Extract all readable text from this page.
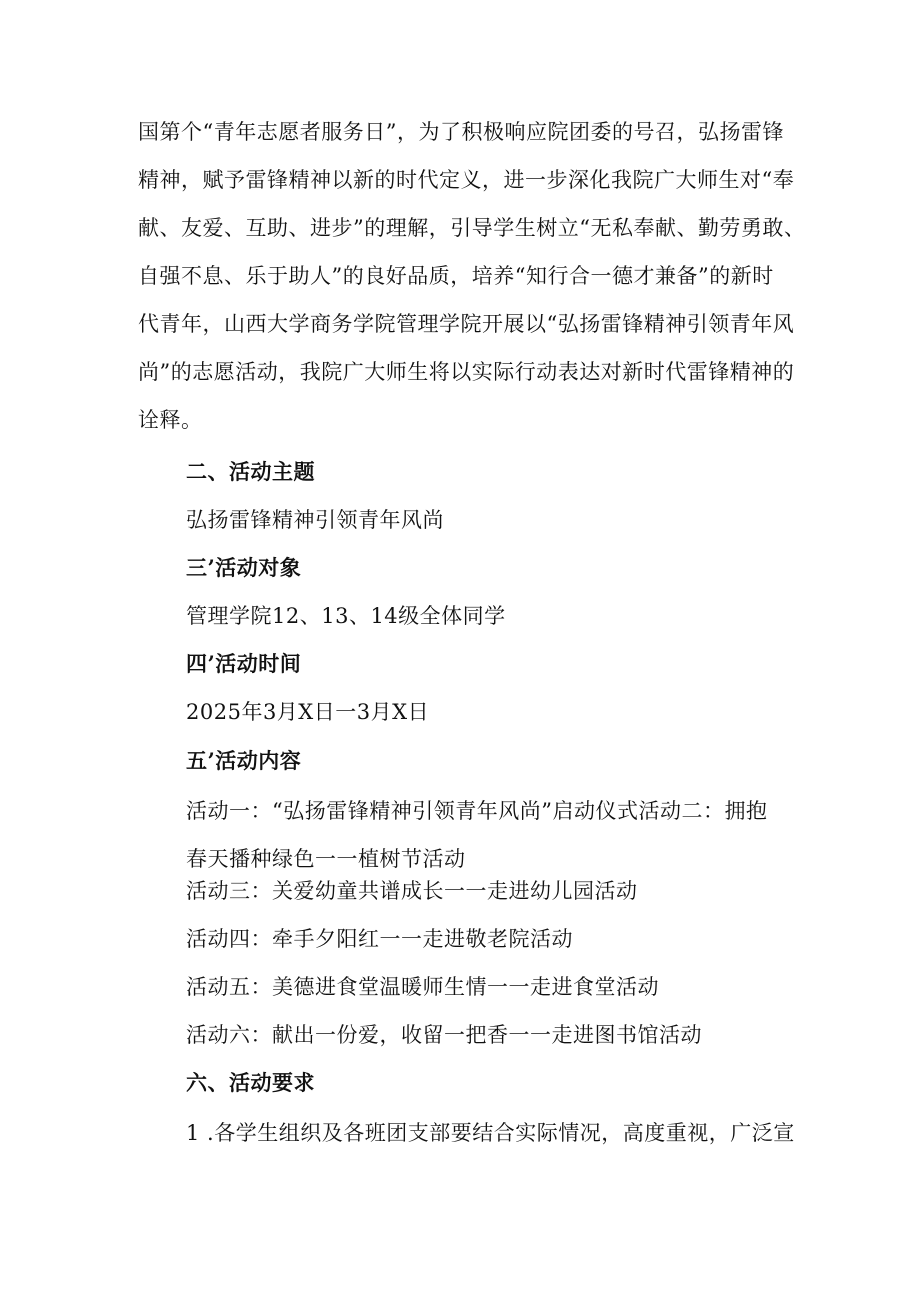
国第个“青年志愿者服务日”，为了积极响应院团委的号召，弘扬雷锋
精神，赋予雷锋精神以新的时代定义，进一步深化我院广大师生对“奉
献、友爱、互助、进步”的理解，引导学生树立“无私奉献、勤劳勇敢、
自强不息、乐于助人”的良好品质，培养“知行合一德才兼备”的新时
代青年，山西大学商务学院管理学院开展以“弘扬雷锋精神引领青年风
尚”的志愿活动，我院广大师生将以实际行动表达对新时代雷锋精神的
诠释。
二、活动主题
弘扬雷锋精神引领青年风尚
三’活动对象
管理学院12、13、14级全体同学
四’活动时间
2025年3月X日一3月X日
五’活动内容
活动一：“弘扬雷锋精神引领青年风尚”启动仪式活动二：拥抱
春天播种绿色一一植树节活动
活动三：关爱幼童共谱成长一一走进幼儿园活动
活动四：牵手夕阳红一一走进敬老院活动
活动五：美德进食堂温暖师生情一一走进食堂活动
活动六：献出一份爱，收留一把香一一走进图书馆活动
六、活动要求
1 .各学生组织及各班团支部要结合实际情况，高度重视，广泛宣
